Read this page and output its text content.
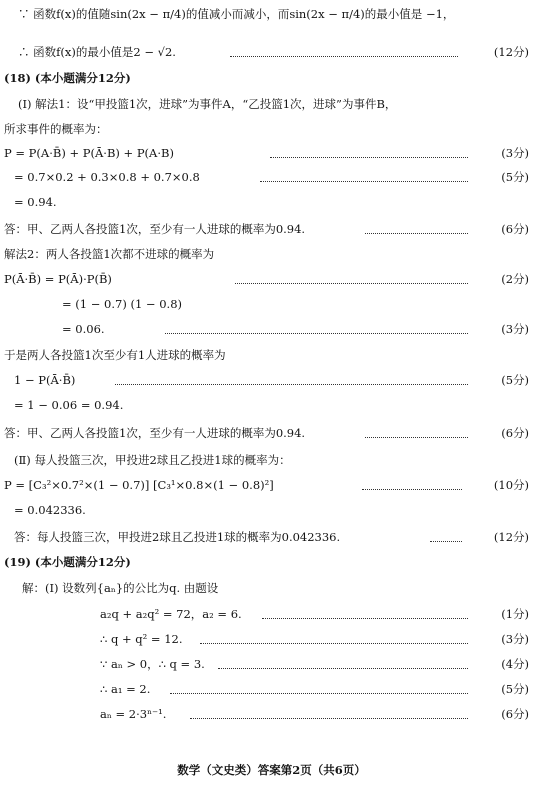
∵ 函数f(x)的值随sin(2x − π/4)的值减小而减小，而sin(2x − π/4)的最小值是 −1，
∴ 函数f(x)的最小值是2 − √2.	(12分)
(18) (本小题满分12分)
(Ⅰ) 解法1：设“甲投篮1次，进球”为事件A，“乙投篮1次，进球”为事件B，
所求事件的概率为：
P = P(A·B̄) + P(Ā·B) + P(A·B)	(3分)
= 0.7×0.2 + 0.3×0.8 + 0.7×0.8	(5分)
= 0.94.
答：甲、乙两人各投篮1次，至少有一人进球的概率为0.94.	(6分)
解法2：两人各投篮1次都不进球的概率为
P(Ā·B̄) = P(Ā)·P(B̄)	(2分)
= (1 − 0.7) (1 − 0.8)
= 0.06.	(3分)
于是两人各投篮1次至少有1人进球的概率为
1 − P(Ā·B̄)	(5分)
= 1 − 0.06 = 0.94.
答：甲、乙两人各投篮1次，至少有一人进球的概率为0.94.	(6分)
(Ⅱ) 每人投篮三次，甲投进2球且乙投进1球的概率为：
P = [C₃²×0.7²×(1 − 0.7)] [C₃¹×0.8×(1 − 0.8)²]	(10分)
= 0.042336.
答：每人投篮三次，甲投进2球且乙投进1球的概率为0.042336.	(12分)
(19) (本小题满分12分)
解：(Ⅰ) 设数列{aₙ}的公比为q. 由题设
a₂q + a₂q² = 72，a₂ = 6.	(1分)
∴ q + q² = 12.	(3分)
∵ aₙ > 0，∴ q = 3.	(4分)
∴ a₁ = 2.	(5分)
aₙ = 2·3ⁿ⁻¹.	(6分)
数学（文史类）答案第2页（共6页）
